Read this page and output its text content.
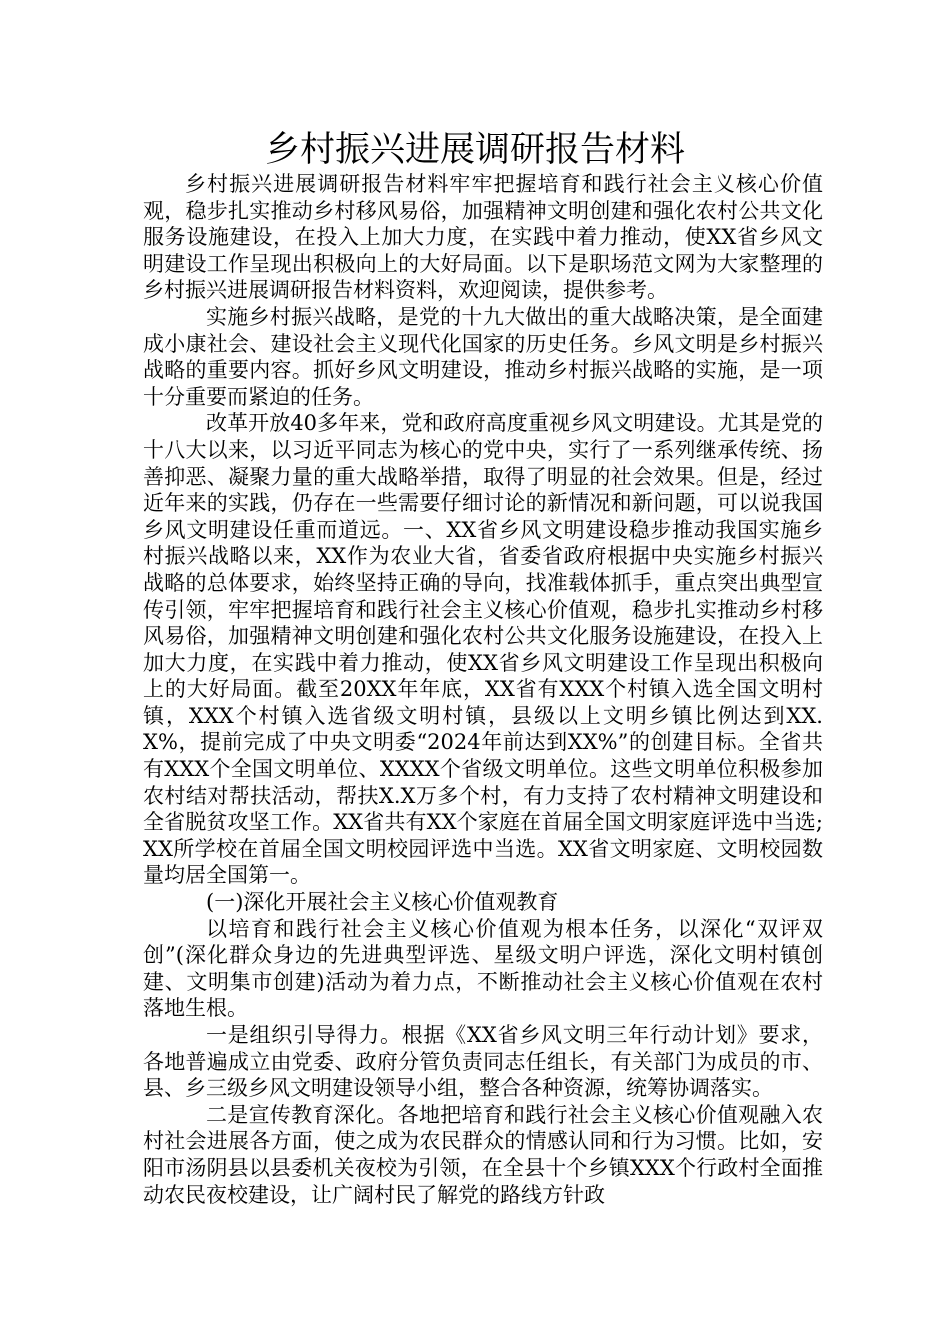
乡村振兴进展调研报告材料

乡村振兴进展调研报告材料牢牢把握培育和践行社会主义核心价值观，稳步扎实推动乡村移风易俗，加强精神文明创建和强化农村公共文化服务设施建设，在投入上加大力度，在实践中着力推动，使XX省乡风文明建设工作呈现出积极向上的大好局面。以下是职场范文网为大家整理的乡村振兴进展调研报告材料资料，欢迎阅读，提供参考。

实施乡村振兴战略，是党的十九大做出的重大战略决策，是全面建成小康社会、建设社会主义现代化国家的历史任务。乡风文明是乡村振兴战略的重要内容。抓好乡风文明建设，推动乡村振兴战略的实施，是一项十分重要而紧迫的任务。

改革开放40多年来，党和政府高度重视乡风文明建设。尤其是党的十八大以来，以习近平同志为核心的党中央，实行了一系列继承传统、扬善抑恶、凝聚力量的重大战略举措，取得了明显的社会效果。但是，经过近年来的实践，仍存在一些需要仔细讨论的新情况和新问题，可以说我国乡风文明建设任重而道远。一、XX省乡风文明建设稳步推动我国实施乡村振兴战略以来，XX作为农业大省，省委省政府根据中央实施乡村振兴战略的总体要求，始终坚持正确的导向，找准载体抓手，重点突出典型宣传引领，牢牢把握培育和践行社会主义核心价值观，稳步扎实推动乡村移风易俗，加强精神文明创建和强化农村公共文化服务设施建设，在投入上加大力度，在实践中着力推动，使XX省乡风文明建设工作呈现出积极向上的大好局面。截至20XX年年底，XX省有XXX个村镇入选全国文明村镇，XXX个村镇入选省级文明村镇，县级以上文明乡镇比例达到XX.X%，提前完成了中央文明委“2024年前达到XX%”的创建目标。全省共有XXX个全国文明单位、XXXX个省级文明单位。这些文明单位积极参加农村结对帮扶活动，帮扶X.X万多个村，有力支持了农村精神文明建设和全省脱贫攻坚工作。XX省共有XX个家庭在首届全国文明家庭评选中当选;XX所学校在首届全国文明校园评选中当选。XX省文明家庭、文明校园数量均居全国第一。

(一)深化开展社会主义核心价值观教育

以培育和践行社会主义核心价值观为根本任务，以深化“双评双创”(深化群众身边的先进典型评选、星级文明户评选，深化文明村镇创建、文明集市创建)活动为着力点，不断推动社会主义核心价值观在农村落地生根。

一是组织引导得力。根据《XX省乡风文明三年行动计划》要求，各地普遍成立由党委、政府分管负责同志任组长，有关部门为成员的市、县、乡三级乡风文明建设领导小组，整合各种资源，统筹协调落实。

二是宣传教育深化。各地把培育和践行社会主义核心价值观融入农村社会进展各方面，使之成为农民群众的情感认同和行为习惯。比如，安阳市汤阴县以县委机关夜校为引领，在全县十个乡镇XXX个行政村全面推动农民夜校建设，让广阔村民了解党的路线方针政
